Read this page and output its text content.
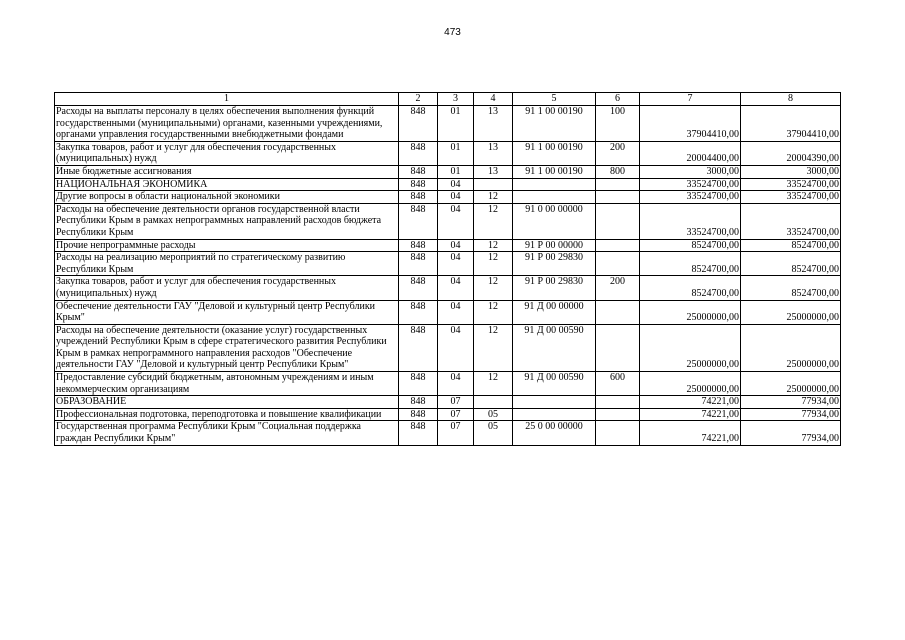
473
1	2	3	4	5	6	7	8
Расходы на выплаты персоналу в целях обеспечения выполнения функций государственными (муниципальными) органами, казенными учреждениями, органами управления государственными внебюджетными фондами	848	01	13	91 1 00 00190	100	37904410,00	37904410,00
Закупка товаров, работ и услуг для обеспечения государственных (муниципальных) нужд	848	01	13	91 1 00 00190	200	20004400,00	20004390,00
Иные бюджетные ассигнования	848	01	13	91 1 00 00190	800	3000,00	3000,00
НАЦИОНАЛЬНАЯ ЭКОНОМИКА	848	04				33524700,00	33524700,00
Другие вопросы в области национальной экономики	848	04	12			33524700,00	33524700,00
Расходы на обеспечение деятельности органов государственной власти Республики Крым в рамках непрограммных направлений расходов бюджета Республики Крым	848	04	12	91 0 00 00000		33524700,00	33524700,00
Прочие непрограммные расходы	848	04	12	91 Р 00 00000		8524700,00	8524700,00
Расходы на реализацию мероприятий по стратегическому развитию Республики Крым	848	04	12	91 Р 00 29830		8524700,00	8524700,00
Закупка товаров, работ и услуг для обеспечения государственных (муниципальных) нужд	848	04	12	91 Р 00 29830	200	8524700,00	8524700,00
Обеспечение деятельности ГАУ "Деловой и культурный центр Республики Крым"	848	04	12	91 Д 00 00000		25000000,00	25000000,00
Расходы на обеспечение деятельности (оказание услуг) государственных учреждений Республики Крым в сфере стратегического развития Республики Крым в рамках непрограммного направления расходов "Обеспечение деятельности ГАУ "Деловой и культурный центр Республики Крым"	848	04	12	91 Д 00 00590		25000000,00	25000000,00
Предоставление субсидий бюджетным, автономным учреждениям и иным некоммерческим организациям	848	04	12	91 Д 00 00590	600	25000000,00	25000000,00
ОБРАЗОВАНИЕ	848	07				74221,00	77934,00
Профессиональная подготовка, переподготовка и повышение квалификации	848	07	05			74221,00	77934,00
Государственная программа Республики Крым "Социальная поддержка граждан Республики Крым"	848	07	05	25 0 00 00000		74221,00	77934,00
